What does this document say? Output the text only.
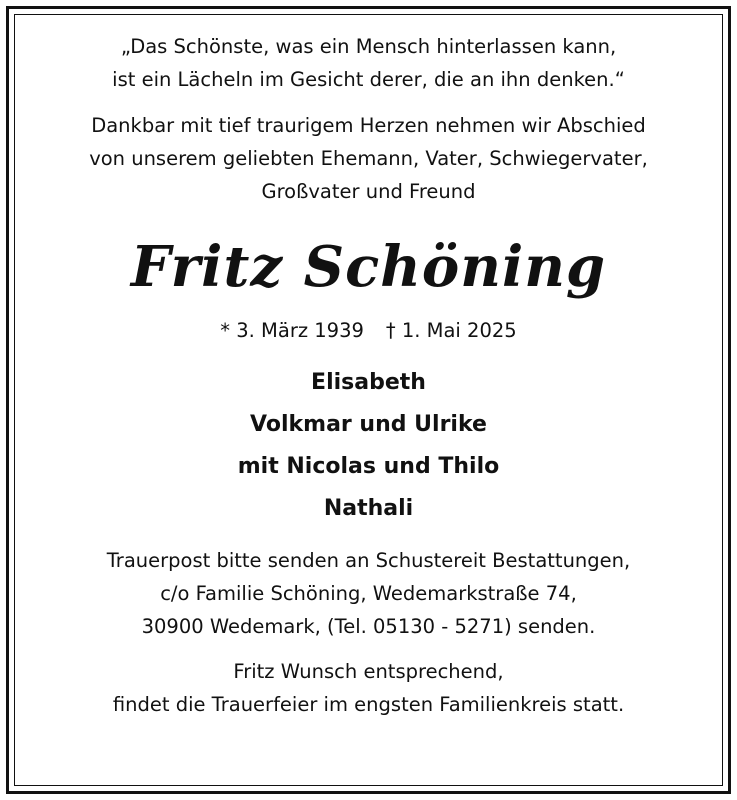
„Das Schönste, was ein Mensch hinterlassen kann,
ist ein Lächeln im Gesicht derer, die an ihn denken.“
Dankbar mit tief traurigem Herzen nehmen wir Abschied
von unserem geliebten Ehemann, Vater, Schwiegervater,
Großvater und Freund
Fritz Schöning
* 3. März 1939 † 1. Mai 2025
Elisabeth
Volkmar und Ulrike
mit Nicolas und Thilo
Nathali
Trauerpost bitte senden an Schustereit Bestattungen,
c/o Familie Schöning, Wedemarkstraße 74,
30900 Wedemark, (Tel. 05130 - 5271) senden.
Fritz Wunsch entsprechend,
findet die Trauerfeier im engsten Familienkreis statt.
